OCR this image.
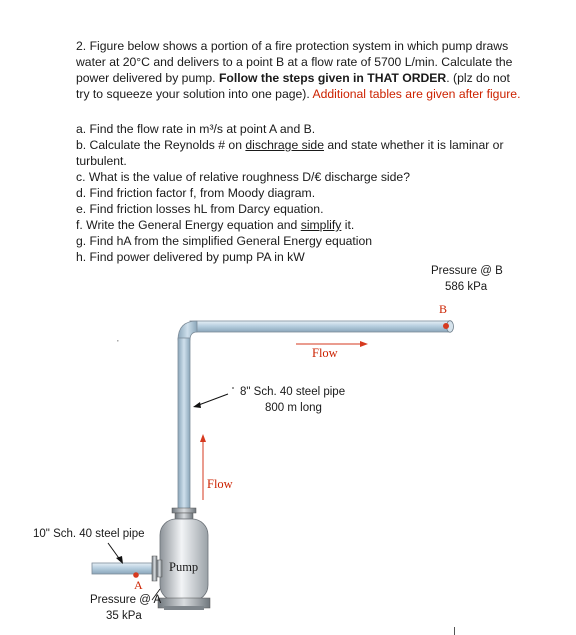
2. Figure below shows a portion of a fire protection system in which pump draws water at 20°C and delivers to a point B at a flow rate of 5700 L/min. Calculate the power delivered by pump. Follow the steps given in THAT ORDER. (plz do not try to squeeze your solution into one page). Additional tables are given after figure.

a. Find the flow rate in m³/s at point A and B.
b. Calculate the Reynolds # on dischrage side and state whether it is laminar or turbulent.
c. What is the value of relative roughness D/€ discharge side?
d. Find friction factor f, from Moody diagram.
e. Find friction losses hL from Darcy equation.
f. Write the General Energy equation and simplify it.
g. Find hA from the simplified General Energy equation
h. Find power delivered by pump PA in kW
Pressure @ B
586 kPa
B
Flow
8" Sch. 40 steel pipe
800 m long
Flow
10" Sch. 40 steel pipe
Pump
A
Pressure @ A
35 kPa
